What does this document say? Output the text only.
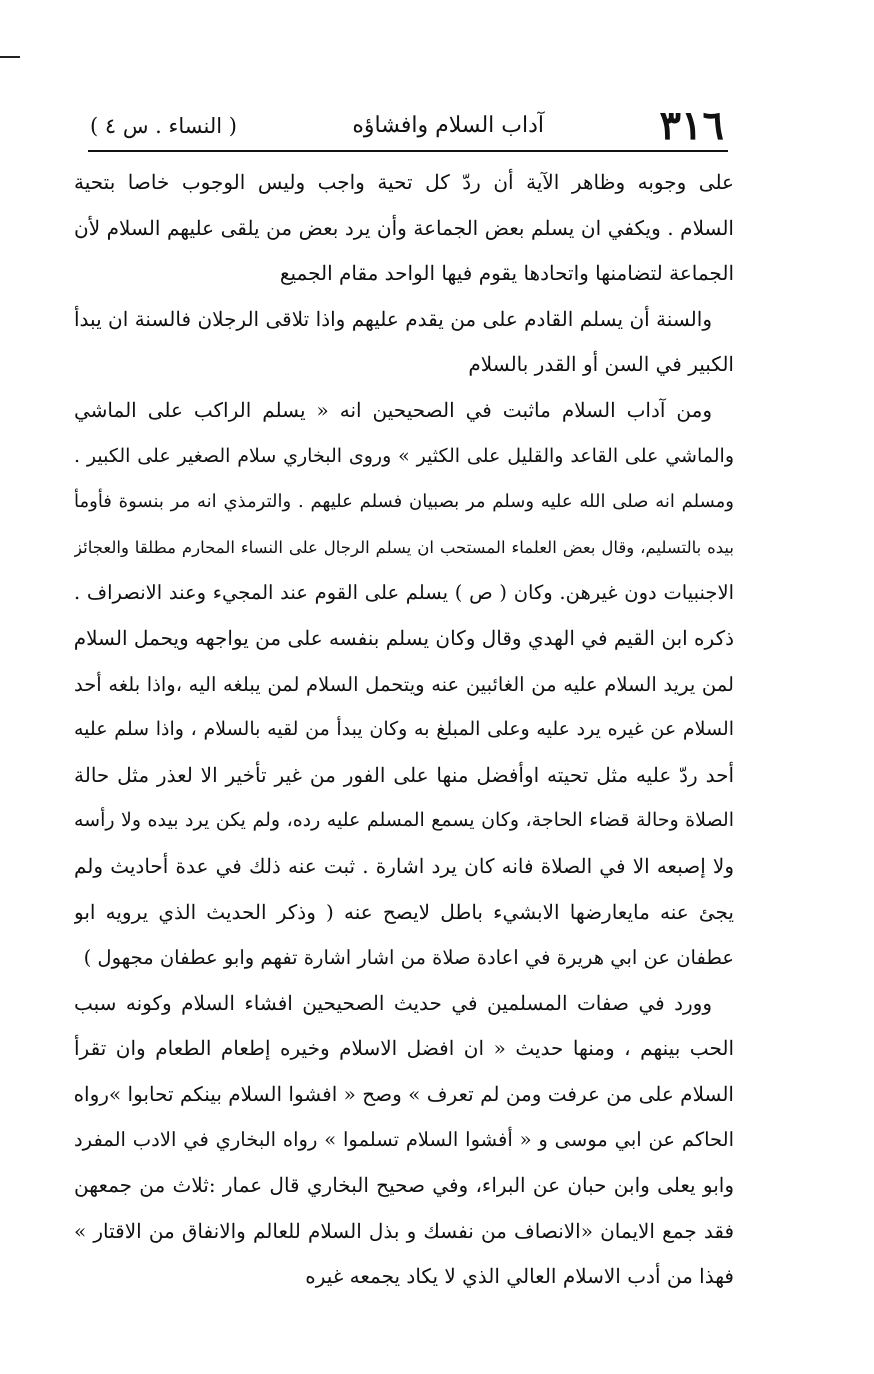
٣١٦
آداب السلام وافشاؤه
( النساء . س ٤ )
على وجوبه وظاهر الآية أن ردّ كل تحية واجب وليس الوجوب خاصا بتحية
السلام . ويكفي ان يسلم بعض الجماعة وأن يرد بعض من يلقى عليهم السلام لأن
الجماعة لتضامنها واتحادها يقوم فيها الواحد مقام الجميع
والسنة أن يسلم القادم على من يقدم عليهم واذا تلاقى الرجلان فالسنة ان يبدأ
الكبير في السن أو القدر بالسلام
ومن آداب السلام ماثبت في الصحيحين انه « يسلم الراكب على الماشي
والماشي على القاعد والقليل على الكثير » وروى البخاري سلام الصغير على الكبير .
ومسلم انه صلى الله عليه وسلم مر بصبيان فسلم عليهم . والترمذي انه مر بنسوة فأومأ
بيده بالتسليم، وقال بعض العلماء المستحب ان يسلم الرجال على النساء المحارم مطلقا والعجائز
الاجنبيات دون غيرهن. وكان ( ص ) يسلم على القوم عند المجيء وعند الانصراف .
ذكره ابن القيم في الهدي وقال وكان يسلم بنفسه على من يواجهه ويحمل السلام
لمن يريد السلام عليه من الغائبين عنه ويتحمل السلام لمن يبلغه اليه ،واذا بلغه أحد
السلام عن غيره يرد عليه وعلى المبلغ به وكان يبدأ من لقيه بالسلام ، واذا سلم عليه
أحد ردّ عليه مثل تحيته اوأفضل منها على الفور من غير تأخير الا لعذر مثل حالة
الصلاة وحالة قضاء الحاجة، وكان يسمع المسلم عليه رده، ولم يكن يرد بيده ولا رأسه
ولا إصبعه الا في الصلاة فانه كان يرد اشارة . ثبت عنه ذلك في عدة أحاديث ولم
يجئ عنه مايعارضها الابشيء باطل لايصح عنه ( وذكر الحديث الذي يرويه ابو
عطفان عن ابي هريرة في اعادة صلاة من اشار اشارة تفهم وابو عطفان مجهول )
وورد في صفات المسلمين في حديث الصحيحين افشاء السلام وكونه سبب
الحب بينهم ، ومنها حديث « ان افضل الاسلام وخيره إطعام الطعام وان تقرأ
السلام على من عرفت ومن لم تعرف » وصح « افشوا السلام بينكم تحابوا »رواه
الحاكم عن ابي موسى و « أفشوا السلام تسلموا » رواه البخاري في الادب المفرد
وابو يعلى وابن حبان عن البراء، وفي صحيح البخاري قال عمار :ثلاث من جمعهن
فقد جمع الايمان «الانصاف من نفسك و بذل السلام للعالم والانفاق من الاقتار »
فهذا من أدب الاسلام العالي الذي لا يكاد يجمعه غيره
